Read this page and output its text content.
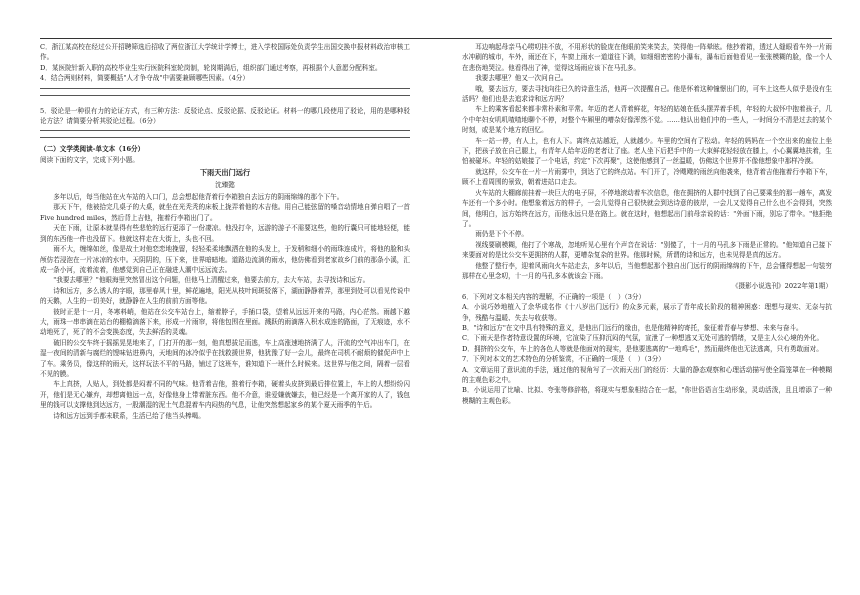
C．浙江某高校在经过公开招聘筛选后招收了两位浙江大学统计学博士，进入学校国际处负责学生出国交换申报材料政治审核工作。

D．某医院针新入职的高校毕业生实行医院科室轮岗制，轮岗期满后，组织部门通过考察，再根据个人意愿分配科室。

4．结合两则材料，简要概括"人才争夺战"中需要兼顾哪些因素。（4分）

5．驳论是一种很有力的论证方式，有三种方法：反驳论点、反驳论据、反驳论证。材料一的哪几段使用了驳论，用的是哪种驳论方法？请简要分析其驳论过程。（6分）

（二）文学类阅读-单文本（16分）

阅读下面的文字，完成下列小题。

下雨天出门远行

沈臻懿

多年以后，每当他站在火车站的入口门，总会想起他背着行李箱独自去远方的阴雨绵绵的那个下午。

那天下午，他被拾完几桌子的大桌，就坐在光秃秃的床板上拢弄着他的木吉他。用自己能弦留的嗓音动情地自弹自唱了一首 Five hundred miles，然后背上吉他，拖着行李箱出门了。

天在下雨，让原本就显得有些悲怆的远行更添了一份凄凉。他没打伞，远游的游子不需要这些，他的行囊只可能地轻便，能到的东西他一件也没留下。他就这样走在大街上，头也不回。

雨不大，缠绵如丝，像是故土对他恋恋地挽留，轻轻柔柔地飘洒在他的头发上，于发稍和细小的雨珠连成片，将他的脸和头颅仿若浸泡在一片冰凉的水中。天阴阴的，压下来，世界暗暗地。道路边流淌的雨水，他仿佛看到老家故乡门前的那条小溪，汇成一条小河，流着流着，他感觉到自己正在融进人潮中远远流去。

"我要去哪里？"他眼海里突然冒出这个问题，但他马上清醒过来，他要去前方，去大车站，去寻找诗和远方。

诗和远方，多么诱人的字眼，那里春风十里，鲜花遍地，阳光从枝叶间斑驳落下，湖面静静着弄，那里到处可以看见传说中的天鹅，人生的一切美好，就静静在人生的前前方面等他。

彼时正是十一月，冬寒料峭，他站在公交车站台上，缩着脖子，手插口袋，望着从远远开来的马路，内心茫然。雨越下越大，雨珠一串串滴在站台的棚檐滴落下来，形成一片雨帘，将他包围在里面。溅跃的雨滴落入积水成连的路面，了无痕迹，水不动地死了，死了的不会变换态度，失去鲜活的灵魂。

破旧的公交车终于摇摇晃晃地来了，门打开的那一刻，他真想拔足而逃，车上高涨速地挤满了人，汗流的空气冲出车门，在湿一夜间的清新与腐烂的馊味钻进鼻内，天地间的冰冷似乎在找救援世界，他犹豫了好一会儿，最终在司机不耐烦的催促声中上了车。乘务员，像这样的雨天，这样玩法不平的马路，铺过了这班车，谁知道下一班什么时候来。这世界与他之间，隔着一层看不见的膜。

车上真挤，人贴人，到处都是闷着不同的气味。他背着吉他，推着行李箱，硬着头皮挤到最后排位置上，车上的人想纷纷闪开，他们是无心嫌弃，却想离他远一点，好像他身上带着脏东西。他不介意，谁爱嫌就嫌去，他已经是一个离开家的人了，钱包里的钱可以支撑他到达远方，一股潮湿的泥土气息混着车内闷热的气息，让他突然想起家乡的某个夏天雨季的午后。

诗和远方远到手都未联系，生活已给了他当头棒喝。

耳边响起母亲马心唠叨挂不放，不用形状的脸庞在他眼前笑来笑去，笑得他一阵晕眩。他抄着箱，透过人缝眼看车外一片雨水冲刷的城市，车外，雨还在下，车窗上雨水一道道往下淌，如细细密密的小瀑布，瀑布后面他看见一张张模糊的脸，像一个人在悲伤地哭泣。他看得出了神，觉得这场雨应该下在马孔多。

我要去哪里？他又一次问自己。

哦，要去远方，要去寻找向往已久的诗意生活，他再一次提醒自己。他是怀着这种憧憬出门的，可车上这些人似乎是没有生活吗？他们也是去追求诗和远方吗？

车上的乘客看起来都非常朴素和平常。年迈的老人背着鲜花，年轻的姑娘在低头摆弄着手机，年轻的大叔怀中抱着孩子，几个中年妇女叽叽喳喳地聊个不停，对整个车厢里的嘈杂好像浑然不觉。……他认出他们中的一些人，一时间分不清是过去的某个时刻，或是某个地方的回忆。

车一站一停，有人上，也有人下。离终点站越近，人就越少。车里的空间有了松动。年轻的妈妈在一个空出来的座位上坐下，把孩子放在自己腿上，有青年人给年迈的老者让了座。老人坐下后把手中的一大束鲜花轻轻放在膝上，小心翼翼地扶着，生怕被碰坏。年轻的姑娘接了一个电话，约定"下次再聚"，这使他感到了一丝温暖，仿佛这个世界并不像他想象中那样冷漠。

就这样，公交车在一片一片雨雾中，到达了它的终点站。车门开了，冷飕飕的雨丝向他袭来，他背着吉他拖着行李箱下车，顾不上看周围的景致，朝着进站口走去。

火车站的大棚廊前挂着一块巨大的电子屏，不停地滚动着车次信息，他在拥挤的人群中找到了自己要乘坐的那一趟车，离发车还有一个多小时。他想象着远方的样子，一会儿觉得自己很快就会到达诗意的彼岸，一会儿又觉得自己什么也不会得到，突然间，他明白，远方始终在远方，而他永远只是在路上。就在这时，他想起出门前母亲说的话："外面下雨，别忘了带伞。"他拒绝了。

雨仍是下个不停。

视线要刷模糊，他打了个寒战，忽地听见心里有个声音在说话："别傻了，十一月的马孔多下雨是正常的。"他知道自己接下来要面对的是比公交车更拥挤的人群，更嘈杂复杂的世界。他那时候，所谓的诗和远方，也未见得是真的远方。

他整了整行李，迎着风雨向火车站走去，多年以后，当他想起那个独自出门远行的阴雨绵绵的下午，总会懂得想起一句装穷那样在心里念叨，十一月的马孔多本就该会下雨。

《摄影小说选刊》2022年第1期）

6．下列对文本相关内容的理解，不正确的一项是（　）（3分）

A．小说巧妙地植入了余华成名作《十八岁出门远行》的众多元素，展示了青年成长阶段的精神困惑：理想与现实、无奈与抗争，残酷与温暖、失去与收获等。

B．"诗和远方"在文中具有特殊的意义，是他出门远行的缘由，也是他精神的寄托，象征着青春与梦想、未来与奋斗。

C．下雨天是作者特意设置的环境，它渲染了压抑沉闷的气氛，宣泄了一种想逃又无处可逃的情绪，又是主人公心境的外化。

D．拥挤的公交车，车上的各色人等就是他面对的现实，是他要逃离的"一地鸡毛"，然而最终他也无法逃离，只有勇敢面对。

7．下列对本文的艺术特色的分析鉴赏，不正确的一项是（　）（3分）

A．文章运用了意识流的手法，通过他的视角写了一次雨天出门的经历：大量的静态观察和心理活动描写使全篇笼罩在一种模糊的主观色彩之中。

B．小说运用了比喻、比拟、夸张等修辞格，将现实与想象相结合在一起，"你世俗语言生动形象，灵动活泼，且且增添了一种模糊的主观色彩。
